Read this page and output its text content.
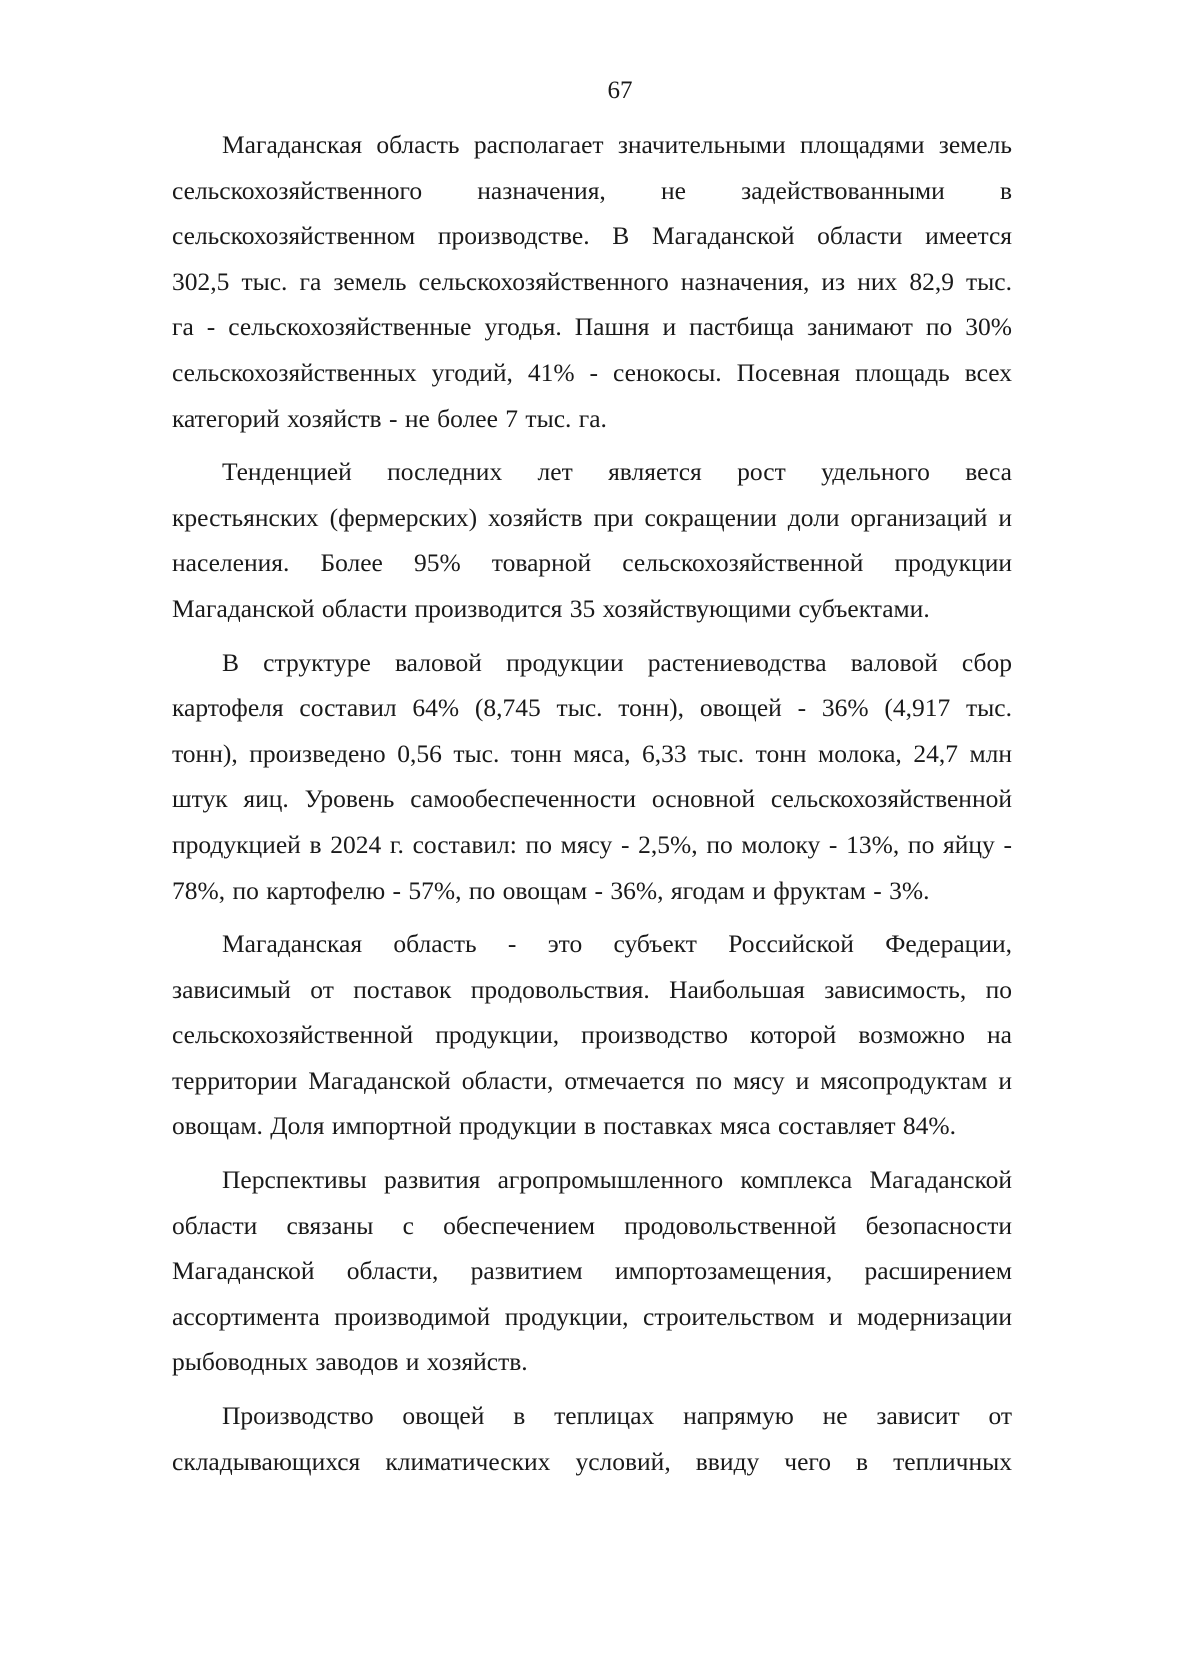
67
Магаданская область располагает значительными площадями земель
сельскохозяйственного назначения, не задействованными в
сельскохозяйственном производстве. В Магаданской области имеется
302,5 тыс. га земель сельскохозяйственного назначения, из них 82,9 тыс.
га - сельскохозяйственные угодья. Пашня и пастбища занимают по 30%
сельскохозяйственных угодий, 41% - сенокосы. Посевная площадь всех
категорий хозяйств - не более 7 тыс. га.
Тенденцией последних лет является рост удельного веса
крестьянских (фермерских) хозяйств при сокращении доли организаций и
населения. Более 95% товарной сельскохозяйственной продукции
Магаданской области производится 35 хозяйствующими субъектами.
В структуре валовой продукции растениеводства валовой сбор
картофеля составил 64% (8,745 тыс. тонн), овощей - 36% (4,917 тыс.
тонн), произведено 0,56 тыс. тонн мяса, 6,33 тыс. тонн молока, 24,7 млн
штук яиц. Уровень самообеспеченности основной сельскохозяйственной
продукцией в 2024 г. составил: по мясу - 2,5%, по молоку - 13%, по яйцу -
78%, по картофелю - 57%, по овощам - 36%, ягодам и фруктам - 3%.
Магаданская область - это субъект Российской Федерации,
зависимый от поставок продовольствия. Наибольшая зависимость, по
сельскохозяйственной продукции, производство которой возможно на
территории Магаданской области, отмечается по мясу и мясопродуктам и
овощам. Доля импортной продукции в поставках мяса составляет 84%.
Перспективы развития агропромышленного комплекса Магаданской
области связаны с обеспечением продовольственной безопасности
Магаданской области, развитием импортозамещения, расширением
ассортимента производимой продукции, строительством и модернизации
рыбоводных заводов и хозяйств.
Производство овощей в теплицах напрямую не зависит от
складывающихся климатических условий, ввиду чего в тепличных
